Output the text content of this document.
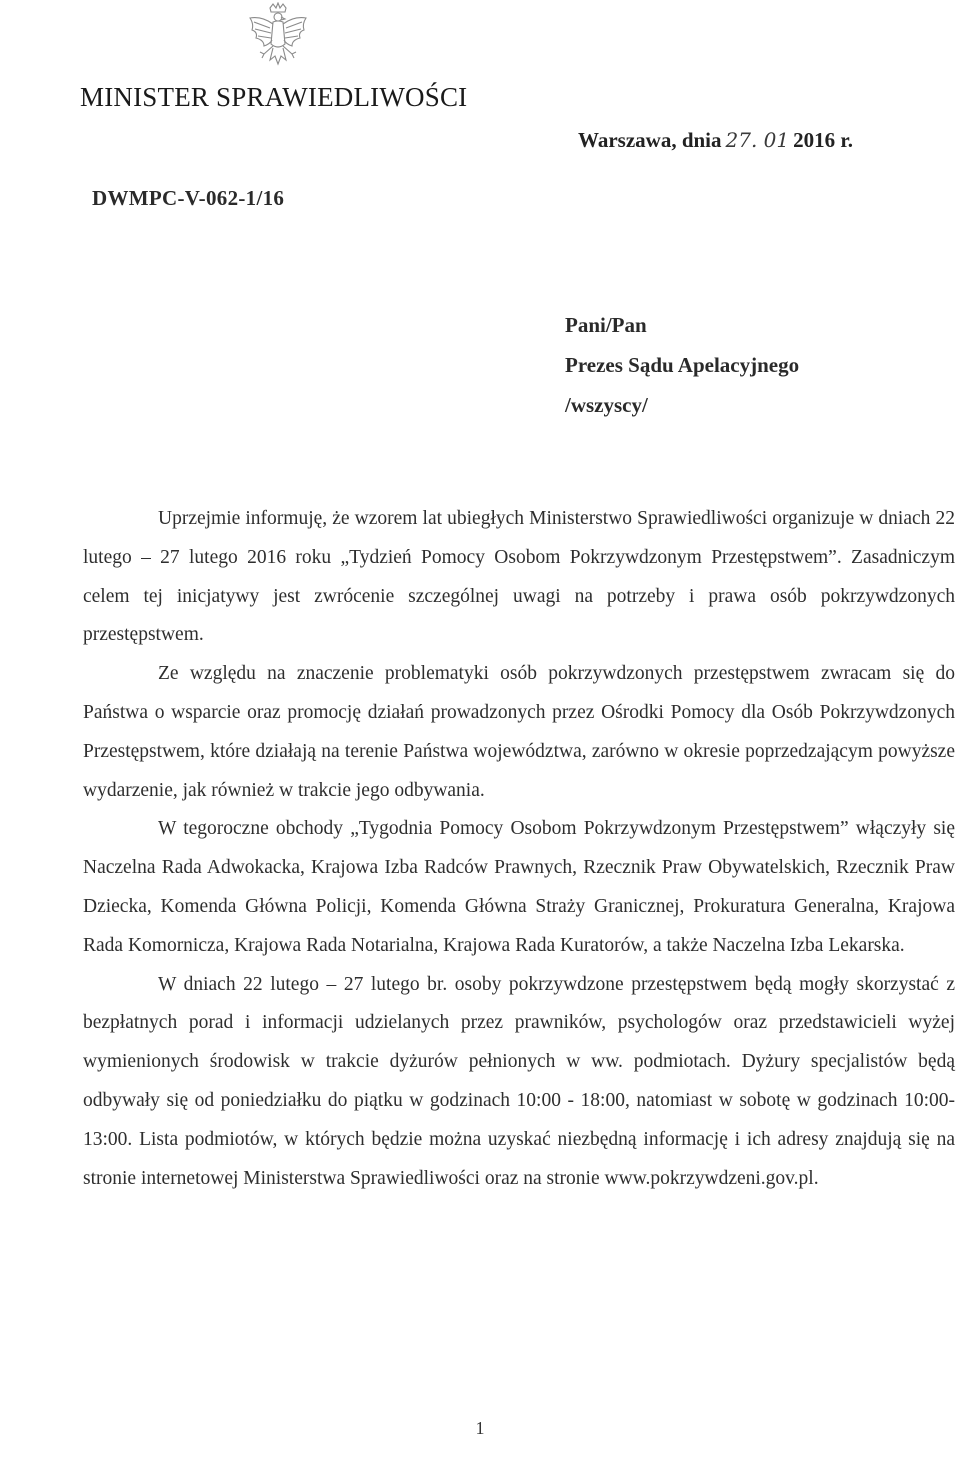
MINISTER SPRAWIEDLIWOŚCI
Warszawa, dnia 27. 01 2016 r.
DWMPC-V-062-1/16
Pani/Pan
Prezes Sądu Apelacyjnego
/wszyscy/

Uprzejmie informuję, że wzorem lat ubiegłych Ministerstwo Sprawiedliwości organizuje w dniach 22 lutego – 27 lutego 2016 roku „Tydzień Pomocy Osobom Pokrzywdzonym Przestępstwem”. Zasadniczym celem tej inicjatywy jest zwrócenie szczególnej uwagi na potrzeby i prawa osób pokrzywdzonych przestępstwem.

Ze względu na znaczenie problematyki osób pokrzywdzonych przestępstwem zwracam się do Państwa o wsparcie oraz promocję działań prowadzonych przez Ośrodki Pomocy dla Osób Pokrzywdzonych Przestępstwem, które działają na terenie Państwa województwa, zarówno w okresie poprzedzającym powyższe wydarzenie, jak również w trakcie jego odbywania.

W tegoroczne obchody „Tygodnia Pomocy Osobom Pokrzywdzonym Przestępstwem” włączyły się Naczelna Rada Adwokacka, Krajowa Izba Radców Prawnych, Rzecznik Praw Obywatelskich, Rzecznik Praw Dziecka, Komenda Główna Policji, Komenda Główna Straży Granicznej, Prokuratura Generalna, Krajowa Rada Komornicza, Krajowa Rada Notarialna, Krajowa Rada Kuratorów, a także Naczelna Izba Lekarska.

W dniach 22 lutego – 27 lutego br. osoby pokrzywdzone przestępstwem będą mogły skorzystać z bezpłatnych porad i informacji udzielanych przez prawników, psychologów oraz przedstawicieli wyżej wymienionych środowisk w trakcie dyżurów pełnionych w ww. podmiotach. Dyżury specjalistów będą odbywały się od poniedziałku do piątku w godzinach 10:00 - 18:00, natomiast w sobotę w godzinach 10:00-13:00. Lista podmiotów, w których będzie można uzyskać niezbędną informację i ich adresy znajdują się na stronie internetowej Ministerstwa Sprawiedliwości oraz na stronie www.pokrzywdzeni.gov.pl.

1
